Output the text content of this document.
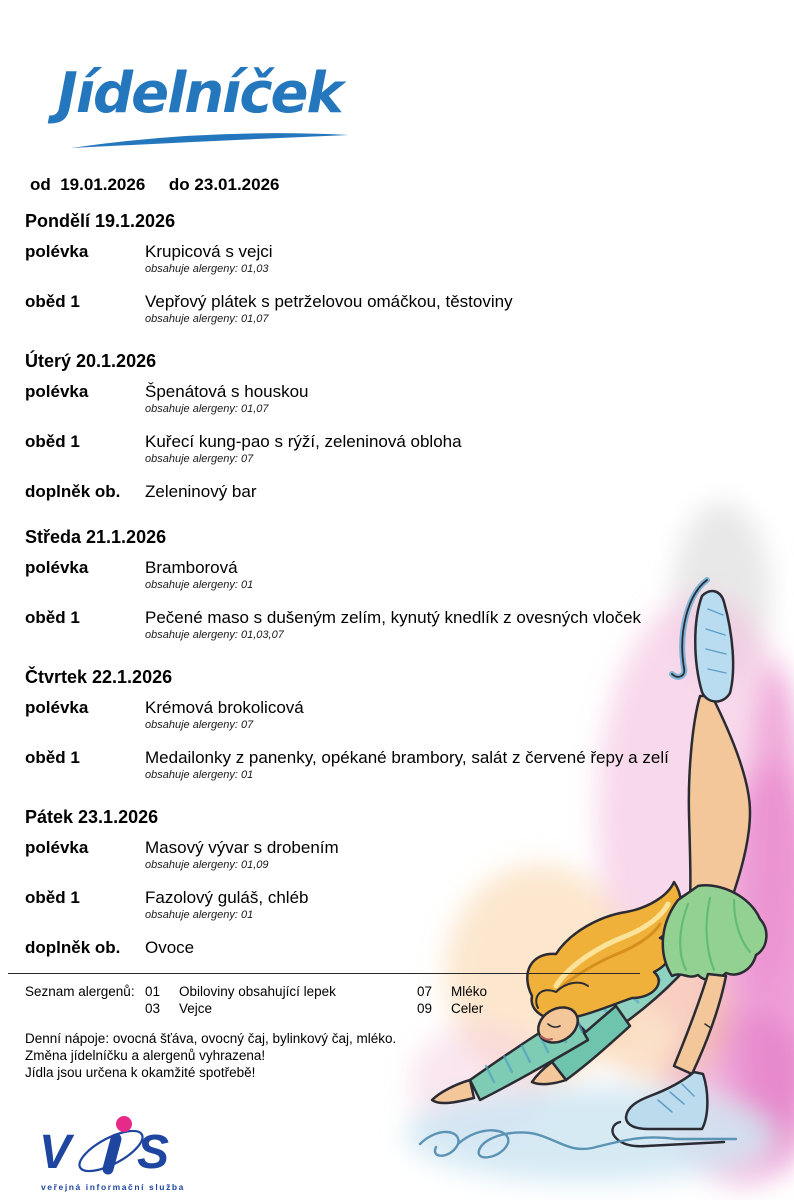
Jídelníček
od  19.01.2026     do 23.01.2026
Pondělí 19.1.2026
polévka	Krupicová s vejci
obsahuje alergeny: 01,03
oběd 1	Vepřový plátek s petrželovou omáčkou, těstoviny
obsahuje alergeny: 01,07
Úterý 20.1.2026
polévka	Špenátová s houskou
obsahuje alergeny: 01,07
oběd 1	Kuřecí kung-pao s rýží, zeleninová obloha
obsahuje alergeny: 07
doplněk ob.	Zeleninový bar
Středa 21.1.2026
polévka	Bramborová
obsahuje alergeny: 01
oběd 1	Pečené maso s dušeným zelím, kynutý knedlík z ovesných vloček
obsahuje alergeny: 01,03,07
Čtvrtek 22.1.2026
polévka	Krémová brokolicová
obsahuje alergeny: 07
oběd 1	Medailonky z panenky, opékané brambory, salát z červené řepy a zelí
obsahuje alergeny: 01
Pátek 23.1.2026
polévka	Masový vývar s drobením
obsahuje alergeny: 01,09
oběd 1	Fazolový guláš, chléb
obsahuje alergeny: 01
doplněk ob.	Ovoce
Seznam alergenů: 01	Obiloviny obsahující lepek	07	Mléko
03	Vejce	09	Celer
Denní nápoje: ovocná šťáva, ovocný čaj, bylinkový čaj, mléko.
Změna jídelníčku a alergenů vyhrazena!
Jídla jsou určena k okamžité spotřebě!
V S
veřejná informační služba
